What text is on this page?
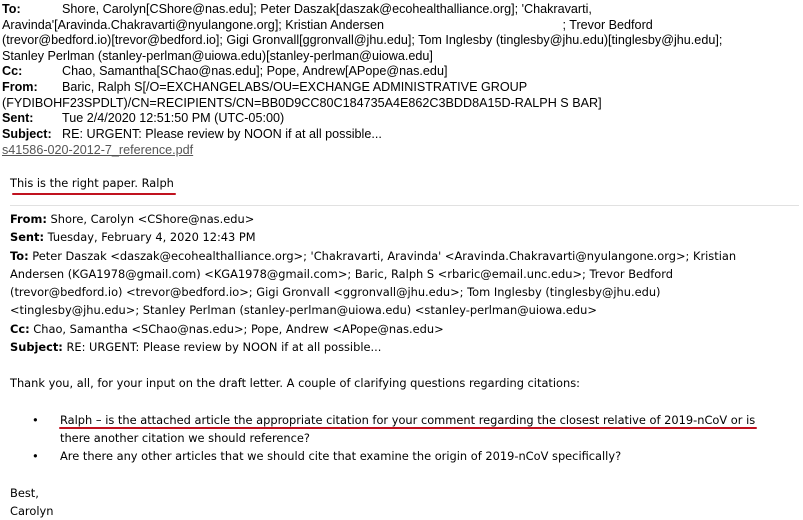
To:	Shore, Carolyn[CShore@nas.edu]; Peter Daszak[daszak@ecohealthalliance.org]; 'Chakravarti,
Aravinda'[Aravinda.Chakravarti@nyulangone.org]; Kristian Andersen                                                   ; Trevor Bedford
(trevor@bedford.io)[trevor@bedford.io]; Gigi Gronvall[ggronvall@jhu.edu]; Tom Inglesby (tinglesby@jhu.edu)[tinglesby@jhu.edu];
Stanley Perlman (stanley-perlman@uiowa.edu)[stanley-perlman@uiowa.edu]
Cc:	Chao, Samantha[SChao@nas.edu]; Pope, Andrew[APope@nas.edu]
From:	Baric, Ralph S[/O=EXCHANGELABS/OU=EXCHANGE ADMINISTRATIVE GROUP
(FYDIBOHF23SPDLT)/CN=RECIPIENTS/CN=BB0D9CC80C184735A4E862C3BDD8A15D-RALPH S BAR]
Sent:	Tue 2/4/2020 12:51:50 PM (UTC-05:00)
Subject: RE: URGENT: Please review by NOON if at all possible...
s41586-020-2012-7_reference.pdf
This is the right paper. Ralph

From: Shore, Carolyn <CShore@nas.edu>

Sent: Tuesday, February 4, 2020 12:43 PM

To: Peter Daszak <daszak@ecohealthalliance.org>; 'Chakravarti, Aravinda' <Aravinda.Chakravarti@nyulangone.org>; Kristian

Andersen (KGA1978@gmail.com) <KGA1978@gmail.com>; Baric, Ralph S <rbaric@email.unc.edu>; Trevor Bedford

(trevor@bedford.io) <trevor@bedford.io>; Gigi Gronvall <ggronvall@jhu.edu>; Tom Inglesby (tinglesby@jhu.edu)

<tinglesby@jhu.edu>; Stanley Perlman (stanley-perlman@uiowa.edu) <stanley-perlman@uiowa.edu>

Cc: Chao, Samantha <SChao@nas.edu>; Pope, Andrew <APope@nas.edu>

Subject: RE: URGENT: Please review by NOON if at all possible...

Thank you, all, for your input on the draft letter. A couple of clarifying questions regarding citations:

• Ralph – is the attached article the appropriate citation for your comment regarding the closest relative of 2019-nCoV or is

there another citation we should reference?
• Are there any other articles that we should cite that examine the origin of 2019-nCoV specifically?

Best,

Carolyn
